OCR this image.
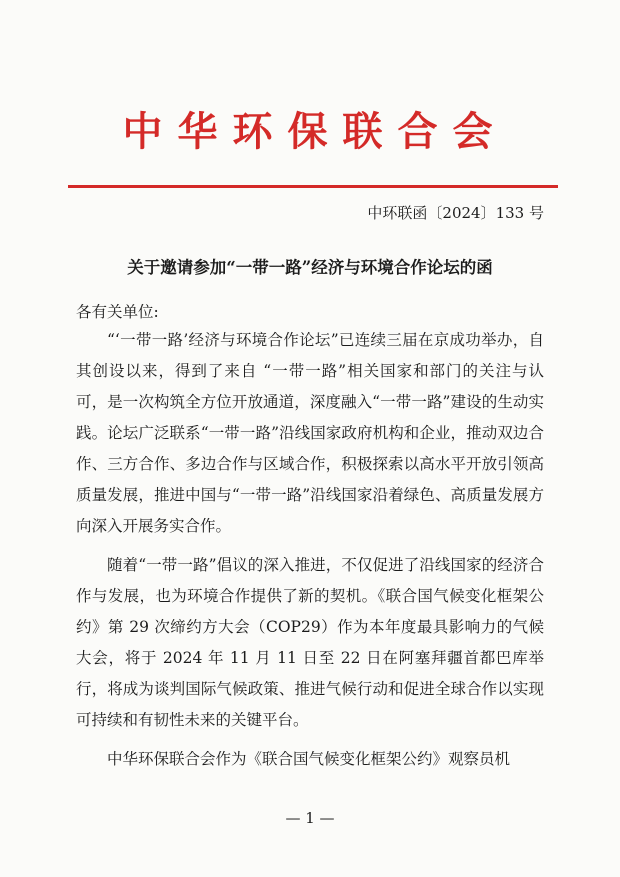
中华环保联合会
中环联函〔2024〕133 号
关于邀请参加“一带一路”经济与环境合作论坛的函
各有关单位:

“‘一带一路’经济与环境合作论坛”已连续三届在京成功举办，自其创设以来，得到了来自 “一带一路”相关国家和部门的关注与认可，是一次构筑全方位开放通道，深度融入“一带一路”建设的生动实践。论坛广泛联系“一带一路”沿线国家政府机构和企业，推动双边合作、三方合作、多边合作与区域合作，积极探索以高水平开放引领高质量发展，推进中国与“一带一路”沿线国家沿着绿色、高质量发展方向深入开展务实合作。

随着“一带一路”倡议的深入推进，不仅促进了沿线国家的经济合作与发展，也为环境合作提供了新的契机。《联合国气候变化框架公约》第 29 次缔约方大会（COP29）作为本年度最具影响力的气候大会，将于 2024 年 11 月 11 日至 22 日在阿塞拜疆首都巴库举行，将成为谈判国际气候政策、推进气候行动和促进全球合作以实现可持续和有韧性未来的关键平台。

中华环保联合会作为《联合国气候变化框架公约》观察员机

— 1 —
